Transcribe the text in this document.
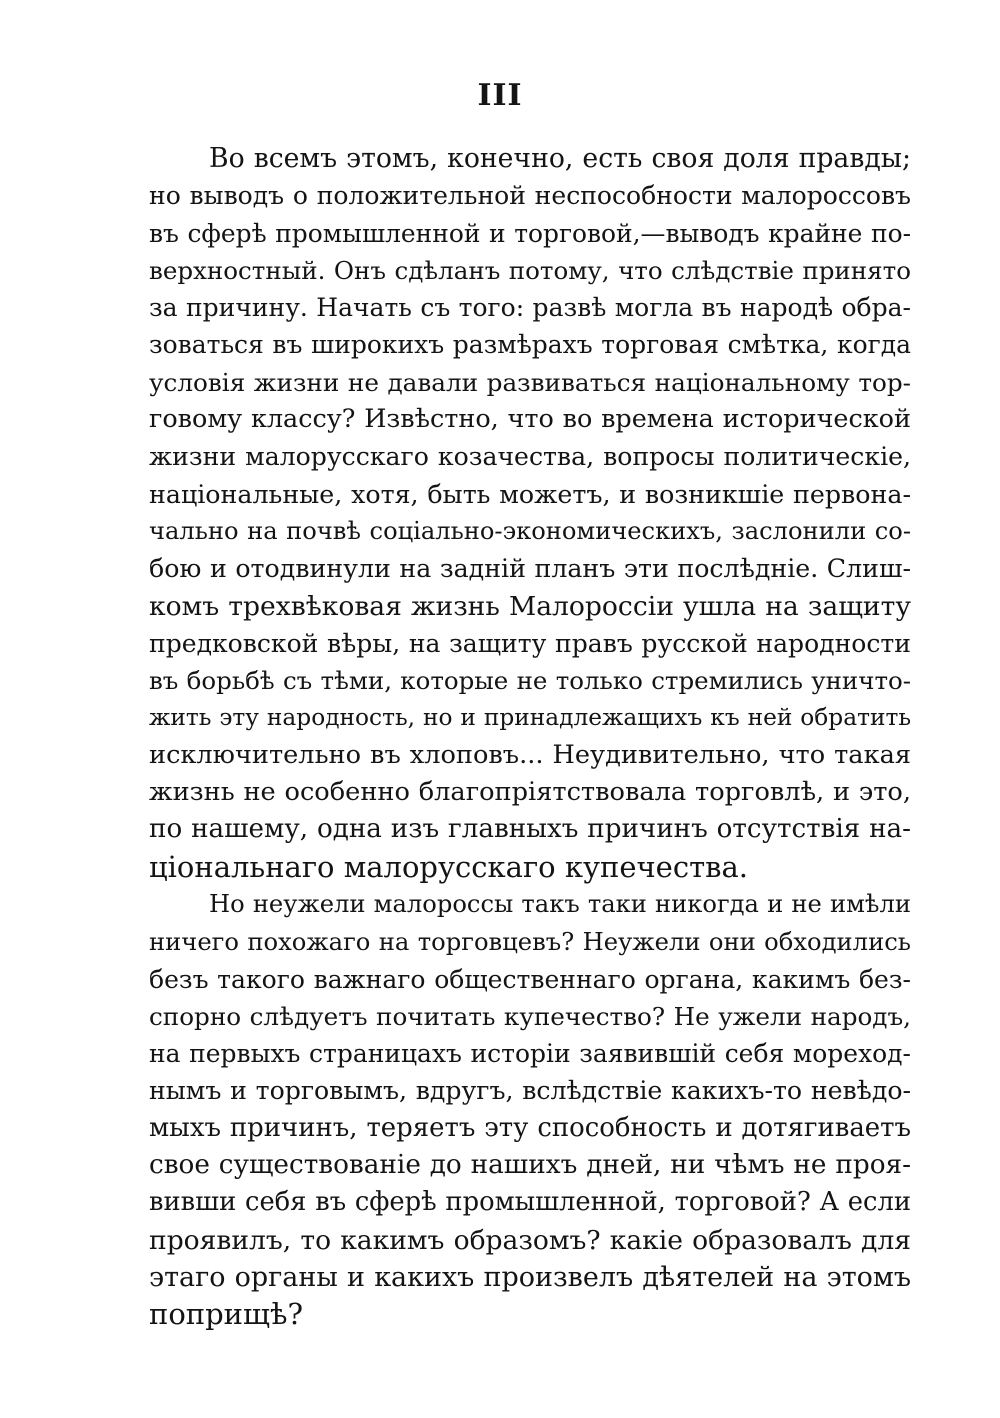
III
Во всемъ этомъ, конечно, есть своя доля правды;
но выводъ о положительной неспособности малороссовъ
въ сферѣ промышленной и торговой,—выводъ крайне по-
верхностный. Онъ сдѣланъ потому, что слѣдствіе принято
за причину. Начать съ того: развѣ могла въ народѣ обра-
зоваться въ широкихъ размѣрахъ торговая смѣтка, когда
условія жизни не давали развиваться національному тор-
говому классу? Извѣстно, что во времена исторической
жизни малорусскаго козачества, вопросы политическіе,
національные, хотя, быть можетъ, и возникшіе первона-
чально на почвѣ соціально-экономическихъ, заслонили со-
бою и отодвинули на задній планъ эти послѣдніе. Слиш-
комъ трехвѣковая жизнь Малороссіи ушла на защиту
предковской вѣры, на защиту правъ русской народности
въ борьбѣ съ тѣми, которые не только стремились уничто-
жить эту народность, но и принадлежащихъ къ ней обратить
исключительно въ хлоповъ... Неудивительно, что такая
жизнь не особенно благопріятствовала торговлѣ, и это,
по нашему, одна изъ главныхъ причинъ отсутствія на-
ціональнаго малорусскаго купечества.
Но неужели малороссы такъ таки никогда и не имѣли
ничего похожаго на торговцевъ? Неужели они обходились
безъ такого важнаго общественнаго органа, какимъ без-
спорно слѣдуетъ почитать купечество? Не ужели народъ,
на первыхъ страницахъ исторіи заявившій себя мореход-
нымъ и торговымъ, вдругъ, вслѣдствіе какихъ-то невѣдо-
мыхъ причинъ, теряетъ эту способность и дотягиваетъ
свое существованіе до нашихъ дней, ни чѣмъ не проя-
вивши себя въ сферѣ промышленной, торговой? А если
проявилъ, то какимъ образомъ? какіе образовалъ для
этаго органы и какихъ произвелъ дѣятелей на этомъ
поприщѣ?
